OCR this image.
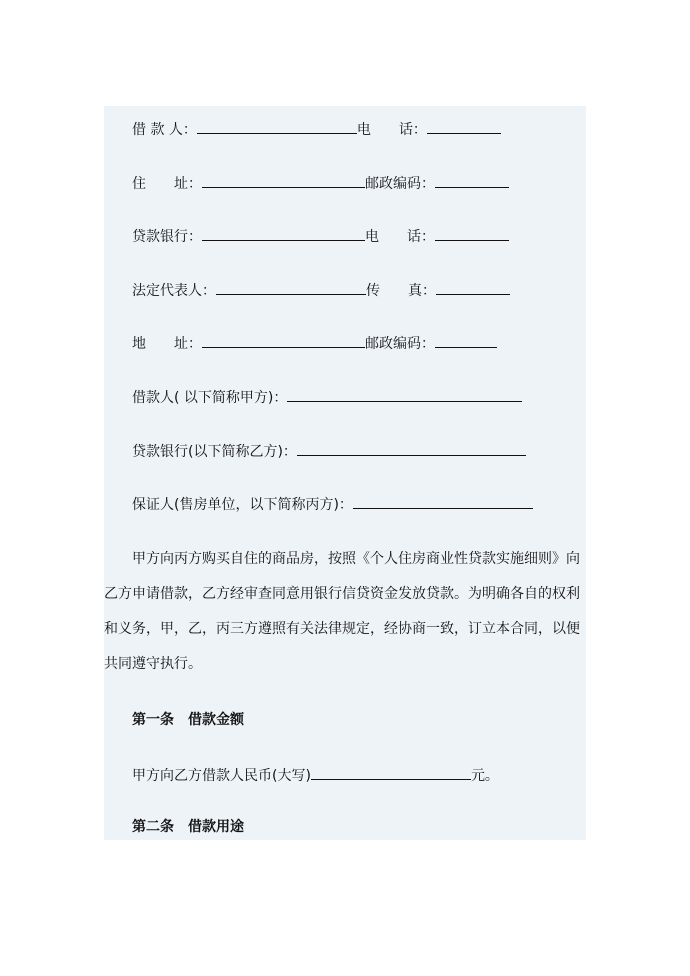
借 款 人：	电　　话：
住　　址：	邮政编码：
贷款银行：	电　　话：
法定代表人：	传　　真：
地　　址：	邮政编码：
借款人( 以下简称甲方)：
贷款银行(以下简称乙方)：
保证人(售房单位，以下简称丙方)：

甲方向丙方购买自住的商品房，按照《个人住房商业性贷款实施细则》向乙方申请借款，乙方经审查同意用银行信贷资金发放贷款。为明确各自的权利和义务，甲，乙，丙三方遵照有关法律规定，经协商一致，订立本合同，以便共同遵守执行。

第一条 借款金额
甲方向乙方借款人民币(大写)	元。
第二条 借款用途
